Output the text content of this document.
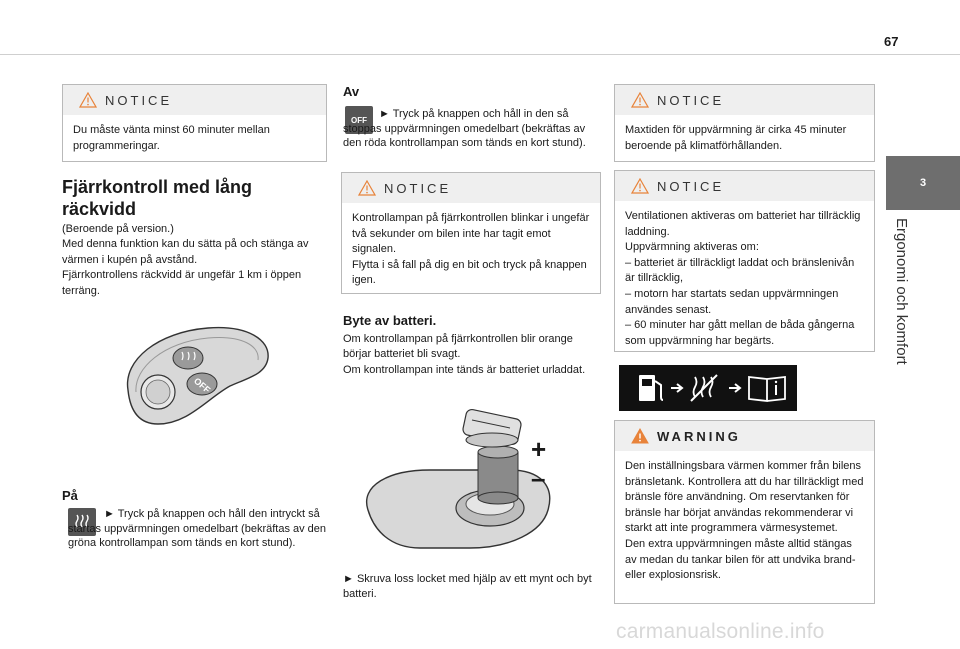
67
3
Ergonomi och komfort
NOTICE

Du måste vänta minst 60 minuter mellan programmeringar.

Fjärrkontroll med lång
räckvidd

(Beroende på version.)

Med denna funktion kan du sätta på och stänga av värmen i kupén på avstånd.

Fjärrkontrollens räckvidd är ungefär 1 km i öppen terräng.

OFF
På
► Tryck på knappen och håll den intryckt så startas uppvärmningen omedelbart (bekräftas av den gröna kontrollampan som tänds en kort stund).
Av
OFF	► Tryck på knappen och håll in den så stoppas uppvärmningen omedelbart (bekräftas av den röda kontrollampan som tänds en kort stund).
NOTICE

Kontrollampan på fjärrkontrollen blinkar i ungefär två sekunder om bilen inte har tagit emot signalen.

Flytta i så fall på dig en bit och tryck på knappen igen.

Byte av batteri.

Om kontrollampan på fjärrkontrollen blir orange börjar batteriet bli svagt.

Om kontrollampan inte tänds är batteriet urladdat.

+
–
► Skruva loss locket med hjälp av ett mynt och byt batteri.
NOTICE

Maxtiden för uppvärmning är cirka 45 minuter beroende på klimatförhållanden.

NOTICE

Ventilationen aktiveras om batteriet har tillräcklig laddning.

Uppvärmning aktiveras om:

– batteriet är tillräckligt laddat och bränslenivån är tillräcklig,

– motorn har startats sedan uppvärmningen användes senast.

– 60 minuter har gått mellan de båda gångerna som uppvärmning har begärts.

WARNING

Den inställningsbara värmen kommer från bilens bränsletank. Kontrollera att du har tillräckligt med bränsle före användning. Om reservtanken för bränsle har börjat användas rekommenderar vi starkt att inte programmera värmesystemet.

Den extra uppvärmningen måste alltid stängas av medan du tankar bilen för att undvika brand- eller explosionsrisk.

carmanualsonline.info
